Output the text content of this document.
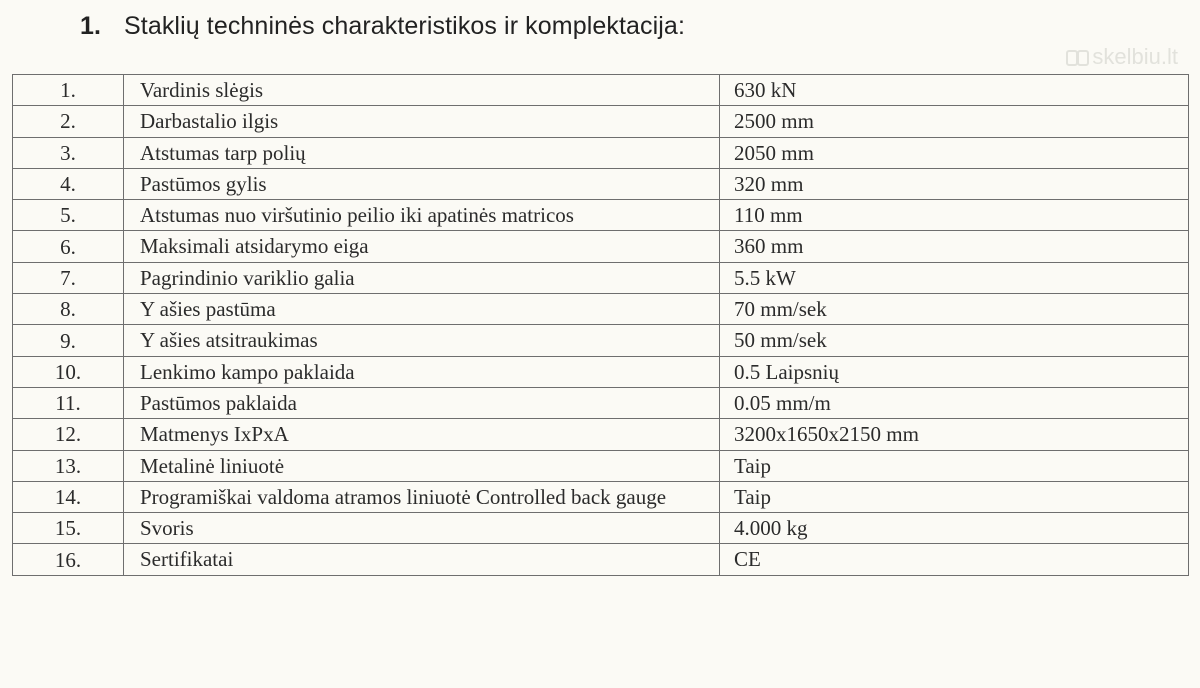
1. Staklių techninės charakteristikos ir komplektacija:
skelbiu.lt
1.	Vardinis slėgis	630 kN
2.	Darbastalio ilgis	2500 mm
3.	Atstumas tarp polių	2050 mm
4.	Pastūmos gylis	320 mm
5.	Atstumas nuo viršutinio peilio iki apatinės matricos	110 mm
6.	Maksimali atsidarymo eiga	360 mm
7.	Pagrindinio variklio galia	5.5 kW
8.	Y ašies pastūma	70 mm/sek
9.	Y ašies atsitraukimas	50 mm/sek
10.	Lenkimo kampo paklaida	0.5 Laipsnių
11.	Pastūmos paklaida	0.05 mm/m
12.	Matmenys IxPxA	3200x1650x2150 mm
13.	Metalinė liniuotė	Taip
14.	Programiškai valdoma atramos liniuotė Controlled back gauge	Taip
15.	Svoris	4.000 kg
16.	Sertifikatai	CE
